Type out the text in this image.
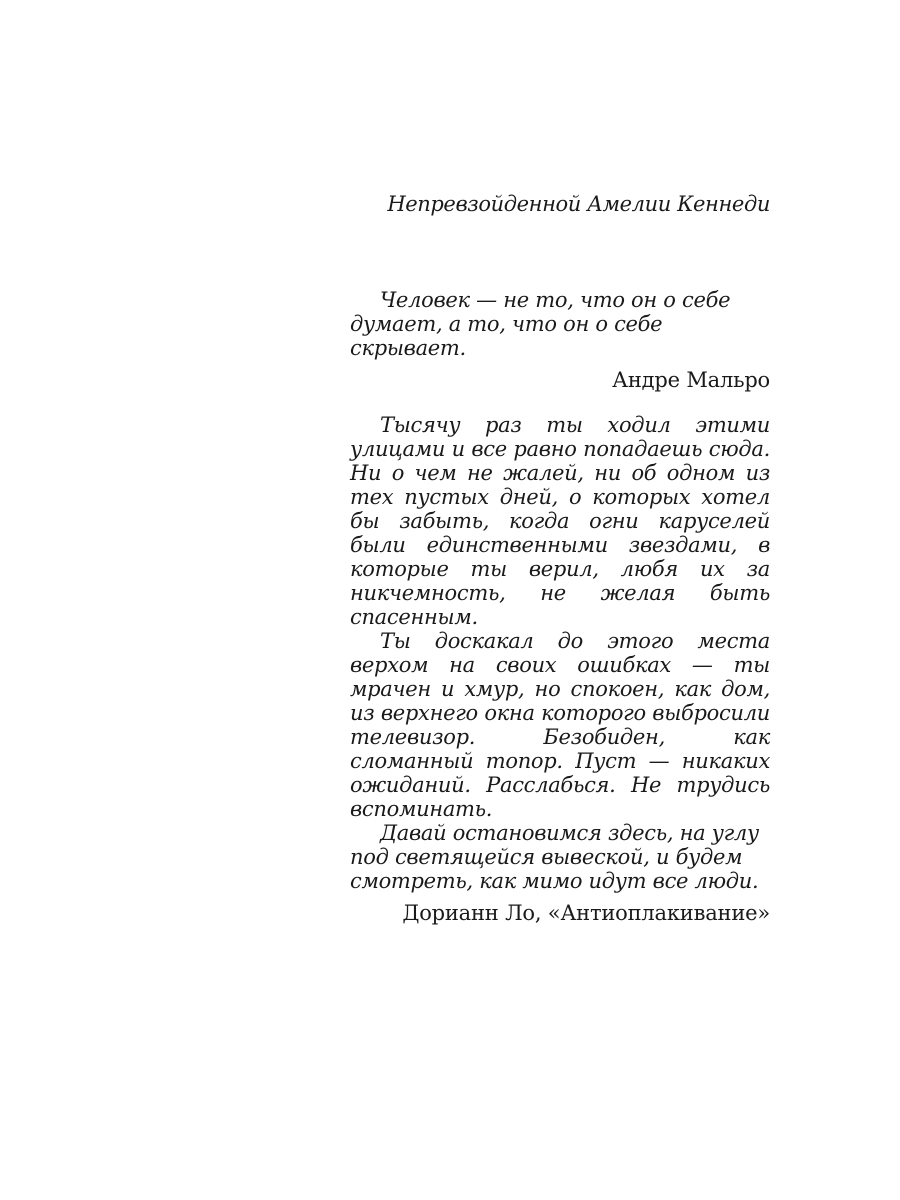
Непревзойденной Амелии Кеннеди

Человек — не то, что он о себе думает, а то, что он о себе скрывает.

Андре Мальро

Тысячу раз ты ходил этими улицами и все равно попадаешь сюда. Ни о чем не жалей, ни об одном из тех пустых дней, о которых хотел бы забыть, когда огни каруселей были единственными звездами, в которые ты верил, любя их за никчемность, не желая быть спасенным.

Ты доскакал до этого места верхом на своих ошибках — ты мрачен и хмур, но спокоен, как дом, из верхнего окна которого выбросили телевизор. Безобиден, как сломанный топор. Пуст — никаких ожиданий. Расслабься. Не трудись вспоминать.

Давай остановимся здесь, на углу под светящейся вывеской, и будем смотреть, как мимо идут все люди.

Дорианн Ло, «Антиоплакивание»
